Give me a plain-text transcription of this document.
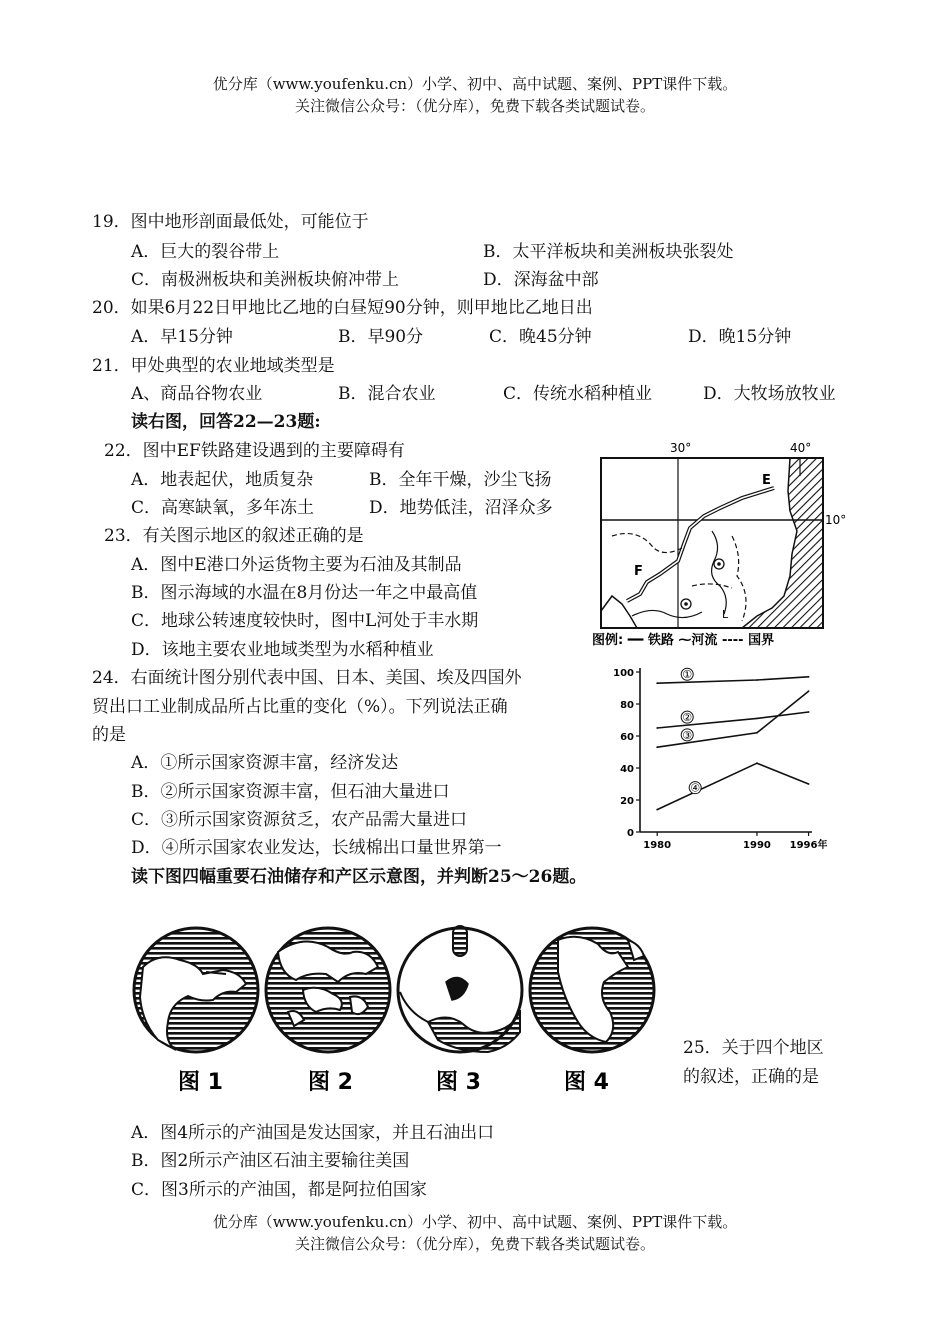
优分库（www.youfenku.cn）小学、初中、高中试题、案例、PPT课件下载。
关注微信公众号：（优分库），免费下载各类试题试卷。
19．图中地形剖面最低处，可能位于
A．巨大的裂谷带上	B．太平洋板块和美洲板块张裂处
C．南极洲板块和美洲板块俯冲带上	D．深海盆中部
20．如果6月22日甲地比乙地的白昼短90分钟，则甲地比乙地日出
A．早15分钟	B．早90分	C．晚45分钟	D．晚15分钟
21．甲处典型的农业地域类型是
A、商品谷物农业	B．混合农业	C．传统水稻种植业	D．大牧场放牧业
读右图，回答22—23题:
22．图中EF铁路建设遇到的主要障碍有
A．地表起伏，地质复杂	B．全年干燥，沙尘飞扬
C．高寒缺氧，多年冻土	D．地势低洼，沼泽众多
23．有关图示地区的叙述正确的是
A．图中E港口外运货物主要为石油及其制品
B．图示海域的水温在8月份达一年之中最高值
C．地球公转速度较快时，图中L河处于丰水期
D．该地主要农业地域类型为水稻种植业
30°	40°
10°
E
F
L
图例: ━━ 铁路 ⁓河流 ---- 国界
24．右面统计图分别代表中国、日本、美国、埃及四国外
贸出口工业制成品所占比重的变化（%）。下列说法正确
的是
A．①所示国家资源丰富，经济发达
B．②所示国家资源丰富，但石油大量进口
C．③所示国家资源贫乏，农产品需大量进口
D．④所示国家农业发达，长绒棉出口量世界第一
0
20
40
60
80
100
1980	1990 1996年
①
②
③
④
读下图四幅重要石油储存和产区示意图，并判断25～26题。
图 1	图 2	图 3	图 4
25．关于四个地区
的叙述，正确的是
A．图4所示的产油国是发达国家，并且石油出口
B．图2所示产油区石油主要输往美国
C．图3所示的产油国，都是阿拉伯国家
优分库（www.youfenku.cn）小学、初中、高中试题、案例、PPT课件下载。
关注微信公众号：（优分库），免费下载各类试题试卷。
